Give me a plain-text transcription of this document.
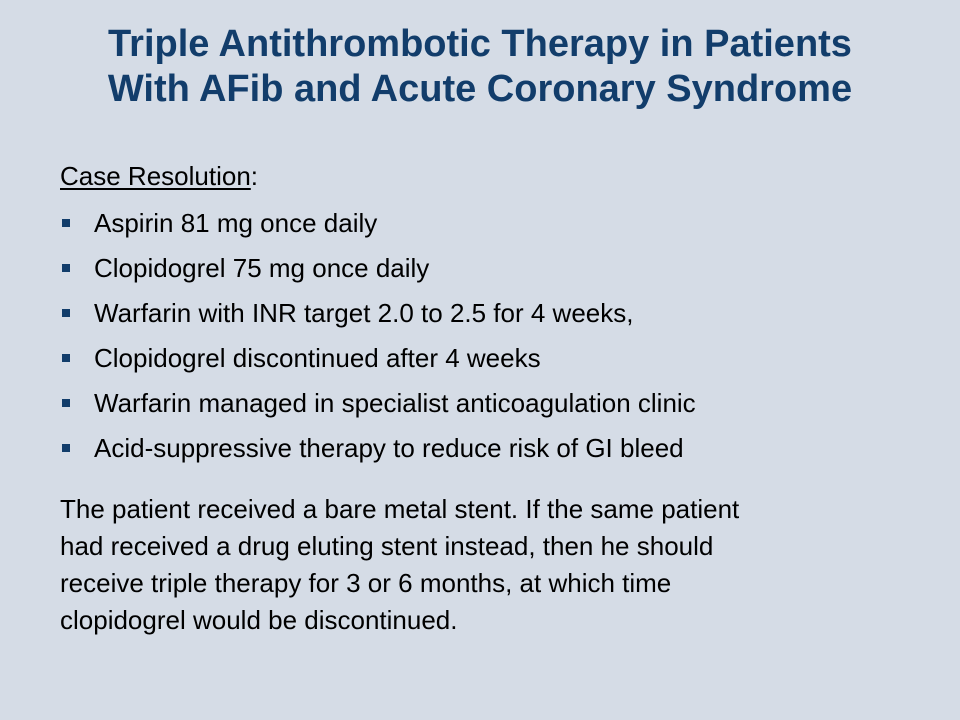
Triple Antithrombotic Therapy in Patients
With AFib and Acute Coronary Syndrome
Case Resolution:
Aspirin 81 mg once daily
Clopidogrel 75 mg once daily
Warfarin with INR target 2.0 to 2.5 for 4 weeks,
Clopidogrel discontinued after 4 weeks
Warfarin managed in specialist anticoagulation clinic
Acid-suppressive therapy to reduce risk of GI bleed

The patient received a bare metal stent. If the same patient
had received a drug eluting stent instead, then he should
receive triple therapy for 3 or 6 months, at which time
clopidogrel would be discontinued.
